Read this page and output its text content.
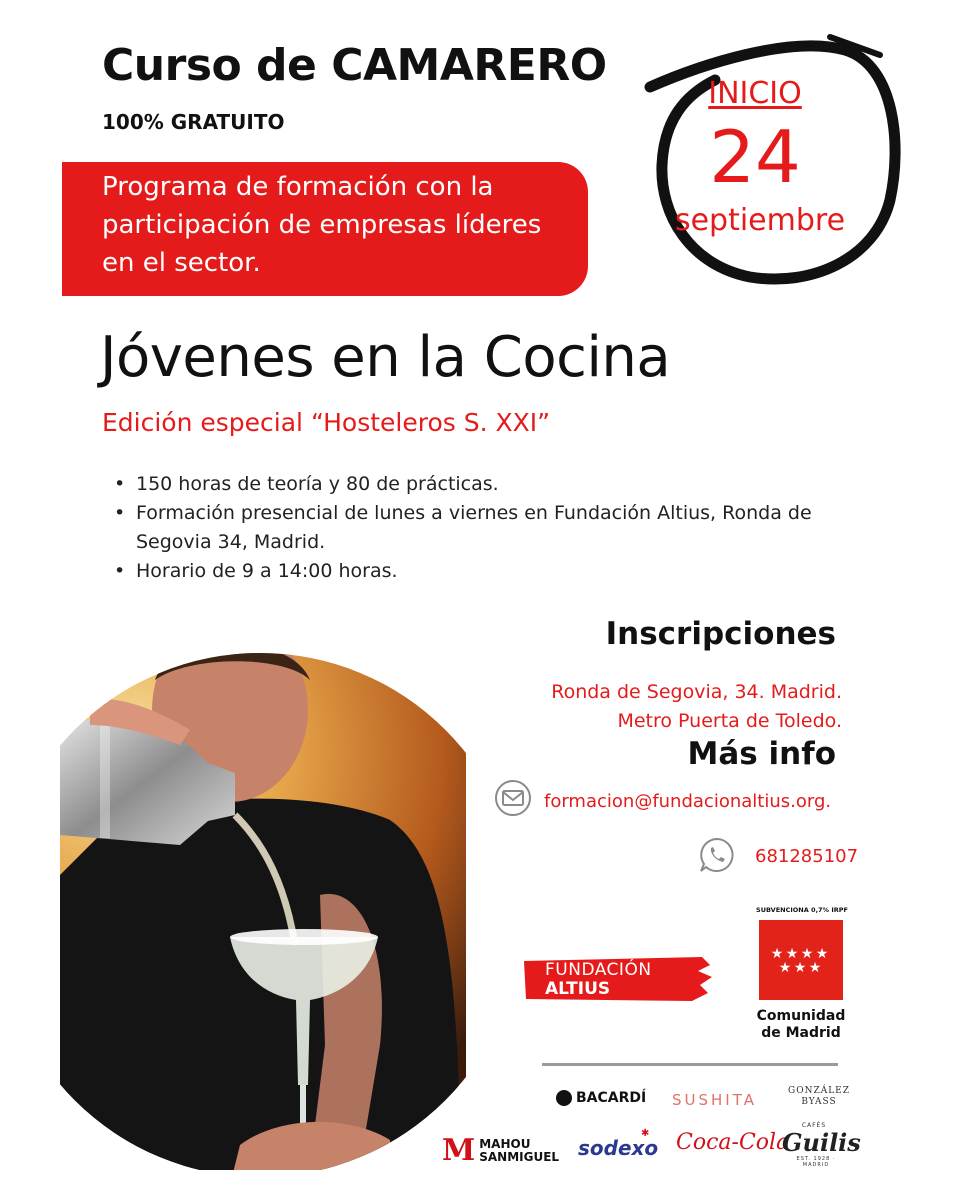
Curso de CAMARERO
100% GRATUITO
Programa de formación con la participación de empresas líderes en el sector.
INICIO
24
septiembre
Jóvenes en la Cocina
Edición especial “Hosteleros S. XXI”
• 150 horas de teoría y 80 de prácticas.
• Formación presencial de lunes a viernes en Fundación Altius, Ronda de Segovia 34, Madrid.
• Horario de 9 a 14:00 horas.
Inscripciones
Ronda de Segovia, 34. Madrid.
Metro Puerta de Toledo.
Más info
formacion@fundacionaltius.org.
681285107
FUNDACIÓN
ALTIUS
SUBVENCIONA 0,7% IRPF
★ ★ ★ ★
★ ★ ★
Comunidad
de Madrid
BACARDÍ SUSHITA	GONZÁLEZ
BYASS
M MAHOU
SANMIGUEL sodexo
✱ Coca-Cola
CAFÉS
Guilis
EST. 1928 · MADRID
